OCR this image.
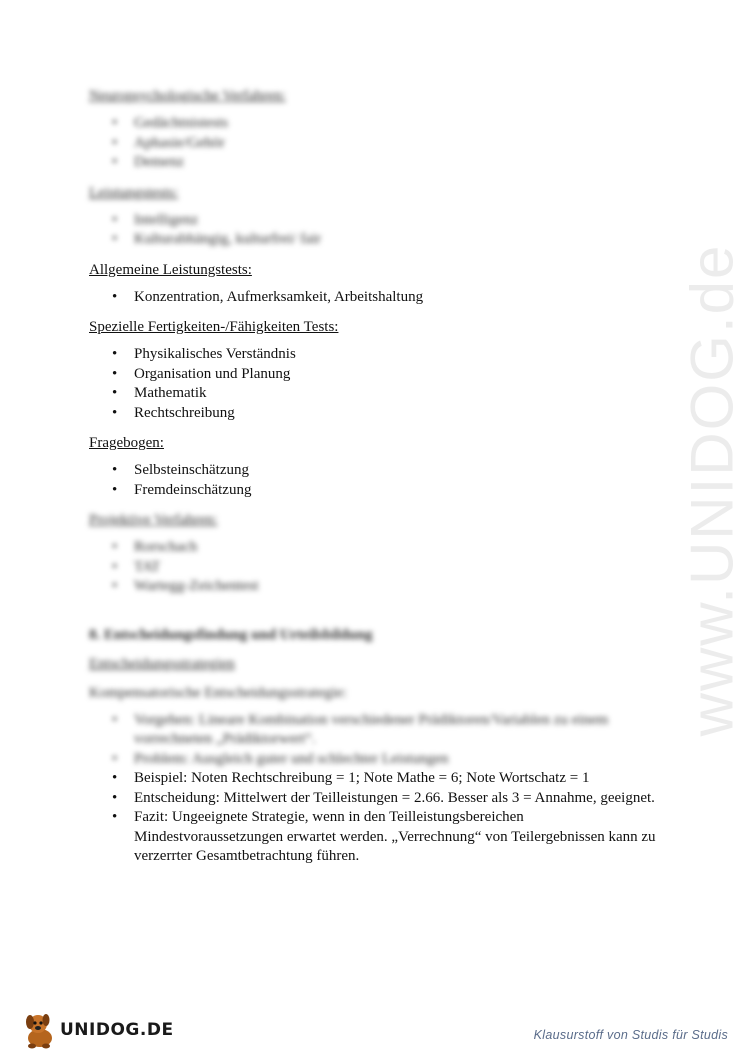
www.UNIDOG.de

Neuropsychologische Verfahren:

• Gedächtnistests
• Aphasie/Gehör
• Demenz

Leistungstests:

• Intelligenz
• Kulturabhängig, kulturfrei/ fair

Allgemeine Leistungstests:

• Konzentration, Aufmerksamkeit, Arbeitshaltung

Spezielle Fertigkeiten-/Fähigkeiten Tests:

• Physikalisches Verständnis
• Organisation und Planung
• Mathematik
• Rechtschreibung

Fragebogen:

• Selbsteinschätzung
• Fremdeinschätzung

Projektive Verfahren:

• Rorschach
• TAT
• Wartegg-Zeichentest

8. Entscheidungsfindung und Urteilsbildung

Entscheidungsstrategien

Kompensatorische Entscheidungsstrategie:

• Vorgehen: Lineare Kombination verschiedener Prädiktoren/Variablen zu einem vorrechneten „Prädiktorwert“.
• Problem: Ausgleich guter und schlechter Leistungen
• Beispiel: Noten Rechtschreibung = 1; Note Mathe = 6; Note Wortschatz = 1
• Entscheidung: Mittelwert der Teilleistungen = 2.66. Besser als 3 = Annahme, geeignet.
• Fazit: Ungeeignete Strategie, wenn in den Teilleistungsbereichen Mindestvoraussetzungen erwartet werden. „Verrechnung“ von Teilergebnissen kann zu verzerrter Gesamtbetrachtung führen.
UNIDOG.DE	Klausurstoff von Studis für Studis
